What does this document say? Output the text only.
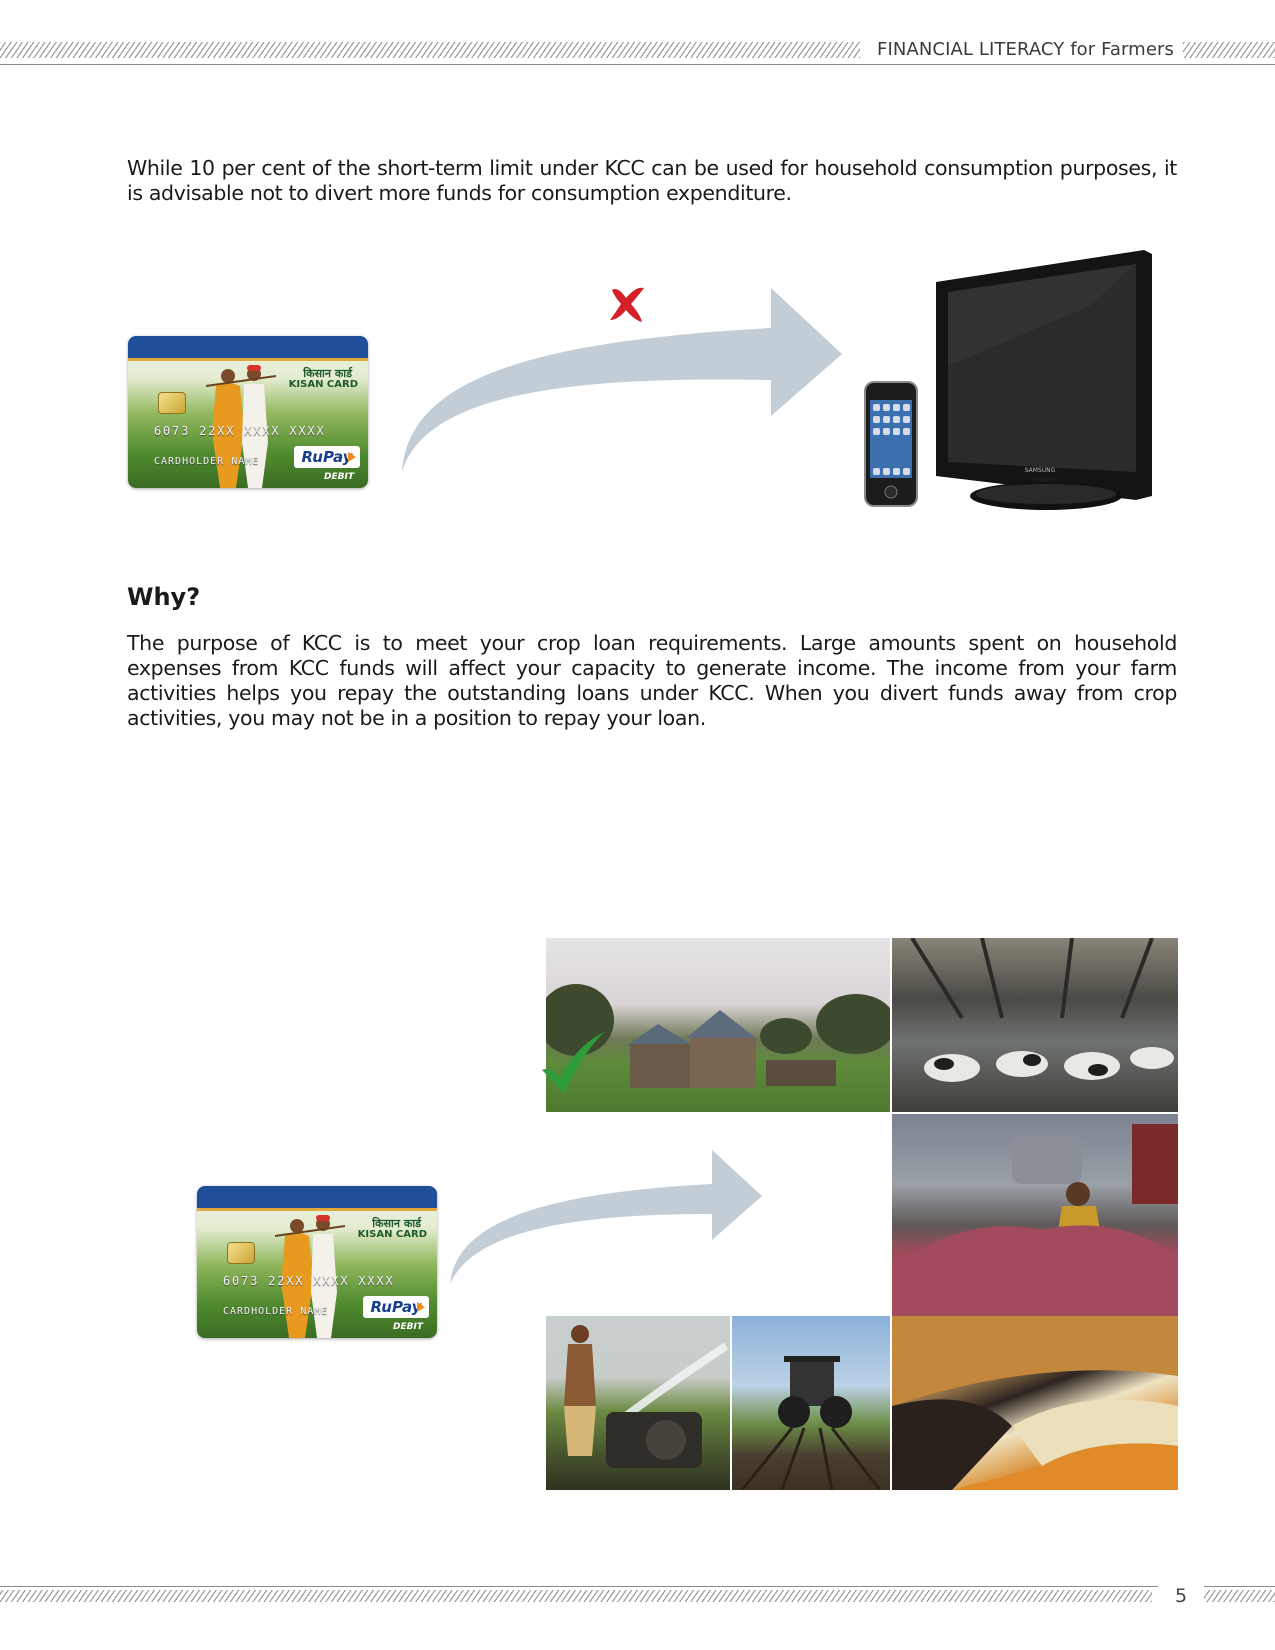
FINANCIAL LITERACY for Farmers

While 10 per cent of the short-term limit under KCC can be used for household consumption purposes, it is advisable not to divert more funds for consumption expenditure.

किसान कार्ड
KISAN CARD
6073 22XX XXXX XXXX
CARDHOLDER NAME	RuPay
DEBIT
SAMSUNG
Why?

The purpose of KCC is to meet your crop loan requirements. Large amounts spent on household expenses from KCC funds will affect your capacity to generate income. The income from your farm activities helps you repay the outstanding loans under KCC. When you divert funds away from crop activities, you may not be in a position to repay your loan.

किसान कार्ड
KISAN CARD
6073 22XX XXXX XXXX
CARDHOLDER NAME	RuPay
DEBIT
5
